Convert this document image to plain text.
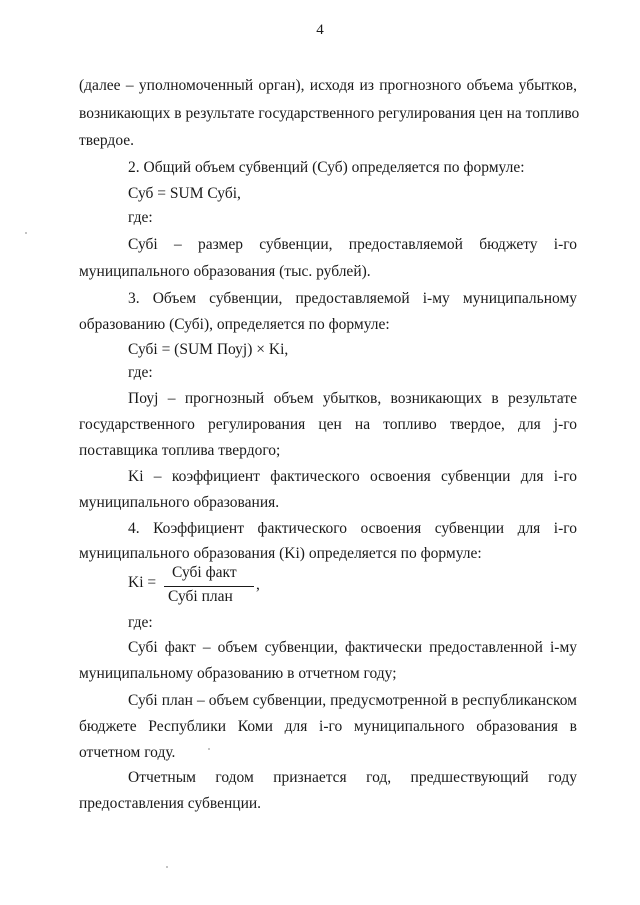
4
(далее – уполномоченный орган), исходя из прогнозного объема убытков,
возникающих в результате государственного регулирования цен на топливо
твердое.
2. Общий объем субвенций (Суб) определяется по формуле:
Суб = SUM Субi,
где:
Субi – размер субвенции, предоставляемой бюджету i-го
муниципального образования (тыс. рублей).
3. Объем субвенции, предоставляемой i-му муниципальному
образованию (Субi), определяется по формуле:
Субi = (SUM Поуj) × Ki,
где:
Поуj – прогнозный объем убытков, возникающих в результате
государственного регулирования цен на топливо твердое, для j-го
поставщика топлива твердого;
Ki – коэффициент фактического освоения субвенции для i-го
муниципального образования.
4. Коэффициент фактического освоения субвенции для i-го
муниципального образования (Ki) определяется по формуле:
Ki =
Субi факт
Субi план
,
где:
Субi факт – объем субвенции, фактически предоставленной i-му
муниципальному образованию в отчетном году;
Субi план – объем субвенции, предусмотренной в республиканском
бюджете Республики Коми для i-го муниципального образования в
отчетном году.
Отчетным годом признается год, предшествующий году
предоставления субвенции.
